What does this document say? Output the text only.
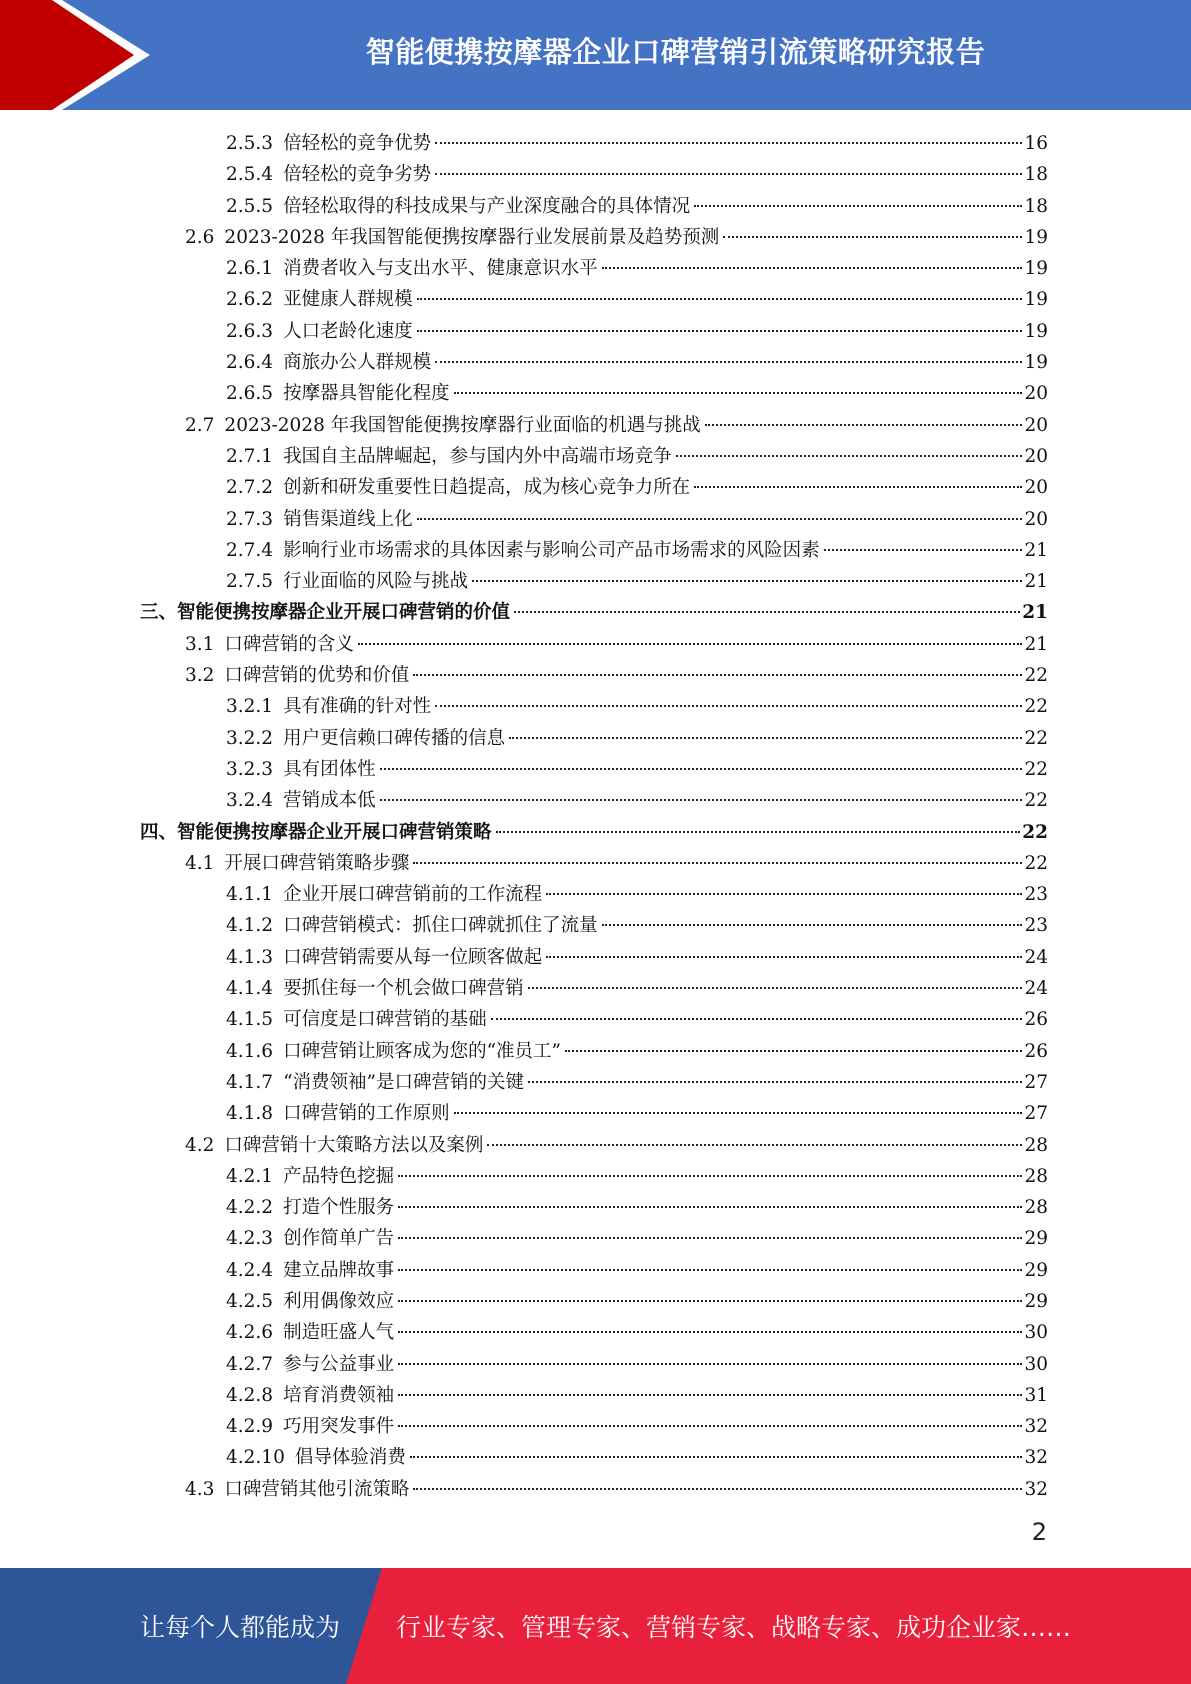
智能便携按摩器企业口碑营销引流策略研究报告
2.5.3 倍轻松的竞争优势	16
2.5.4 倍轻松的竞争劣势	18
2.5.5 倍轻松取得的科技成果与产业深度融合的具体情况	18
2.6 2023-2028 年我国智能便携按摩器行业发展前景及趋势预测	19
2.6.1 消费者收入与支出水平、健康意识水平	19
2.6.2 亚健康人群规模	19
2.6.3 人口老龄化速度	19
2.6.4 商旅办公人群规模	19
2.6.5 按摩器具智能化程度	20
2.7 2023-2028 年我国智能便携按摩器行业面临的机遇与挑战	20
2.7.1 我国自主品牌崛起，参与国内外中高端市场竞争	20
2.7.2 创新和研发重要性日趋提高，成为核心竞争力所在	20
2.7.3 销售渠道线上化	20
2.7.4 影响行业市场需求的具体因素与影响公司产品市场需求的风险因素	21
2.7.5 行业面临的风险与挑战	21
三、 智能便携按摩器企业开展口碑营销的价值	21
3.1 口碑营销的含义	21
3.2 口碑营销的优势和价值	22
3.2.1 具有准确的针对性	22
3.2.2 用户更信赖口碑传播的信息	22
3.2.3 具有团体性	22
3.2.4 营销成本低	22
四、 智能便携按摩器企业开展口碑营销策略	22
4.1 开展口碑营销策略步骤	22
4.1.1 企业开展口碑营销前的工作流程	23
4.1.2 口碑营销模式：抓住口碑就抓住了流量	23
4.1.3 口碑营销需要从每一位顾客做起	24
4.1.4 要抓住每一个机会做口碑营销	24
4.1.5 可信度是口碑营销的基础	26
4.1.6 口碑营销让顾客成为您的“准员工”	26
4.1.7 “消费领袖”是口碑营销的关键	27
4.1.8 口碑营销的工作原则	27
4.2 口碑营销十大策略方法以及案例	28
4.2.1 产品特色挖掘	28
4.2.2 打造个性服务	28
4.2.3 创作简单广告	29
4.2.4 建立品牌故事	29
4.2.5 利用偶像效应	29
4.2.6 制造旺盛人气	30
4.2.7 参与公益事业	30
4.2.8 培育消费领袖	31
4.2.9 巧用突发事件	32
4.2.10 倡导体验消费	32
4.3 口碑营销其他引流策略	32
2
让每个人都能成为 行业专家、管理专家、营销专家、战略专家、成功企业家……
